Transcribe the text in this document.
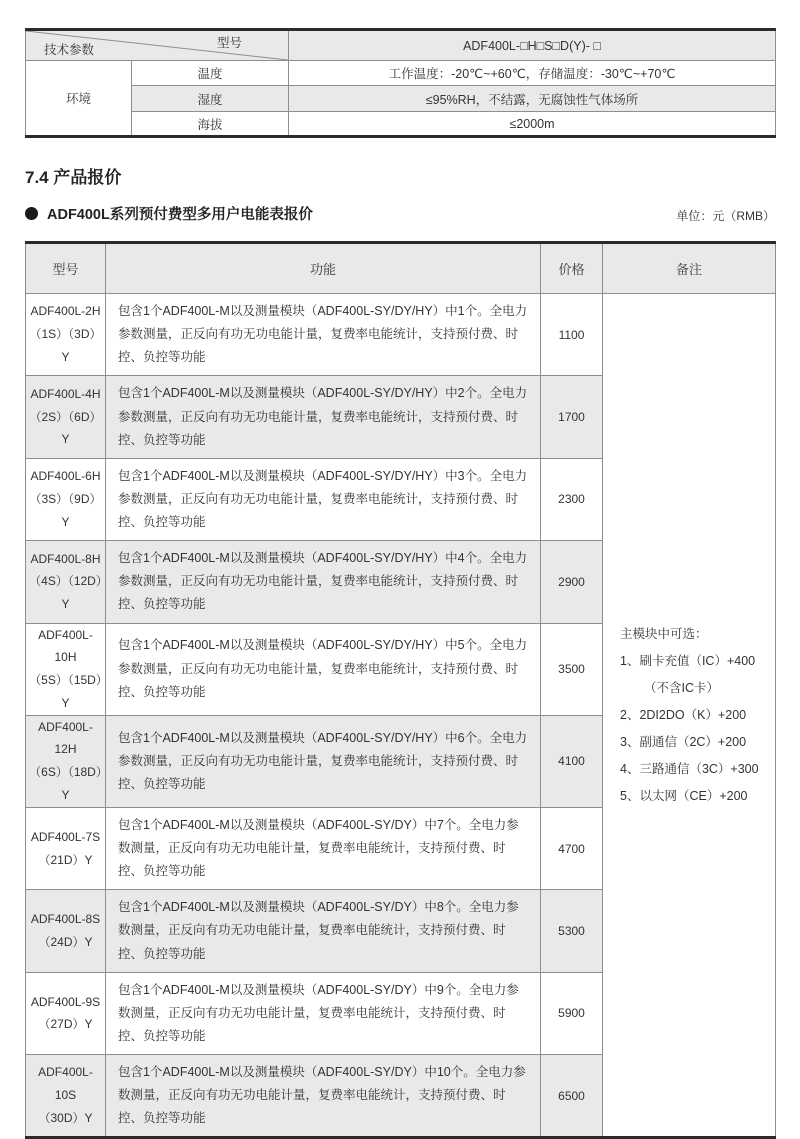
型号
技术参数		ADF400L-□H□S□D(Y)- □
环境	温度	工作温度：-20℃~+60℃，存储温度：-30℃~+70℃
	湿度	≤95%RH，不结露，无腐蚀性气体场所
	海拔	≤2000m
7.4 产品报价
ADF400L系列预付费型多用户电能表报价	单位：元（RMB）
型号	功能	价格	备注

ADF400L-2H
（1S）（3D）Y
	包含1个ADF400L-M以及测量模块（ADF400L-SY/DY/HY）中1个。全电力参数测量，正反向有功无功电能计量，复费率电能统计，支持预付费、时控、负控等功能	1100	
主模块中可选：
1、刷卡充值（IC）+400
（不含IC卡）
2、2DI2DO（K）+200
3、副通信（2C）+200
4、三路通信（3C）+300
5、以太网（CE）+200

ADF400L-4H
（2S）（6D）Y	包含1个ADF400L-M以及测量模块（ADF400L-SY/DY/HY）中2个。全电力参数测量，正反向有功无功电能计量，复费率电能统计，支持预付费、时控、负控等功能	1700	

ADF400L-6H
（3S）（9D）Y	包含1个ADF400L-M以及测量模块（ADF400L-SY/DY/HY）中3个。全电力参数测量，正反向有功无功电能计量，复费率电能统计，支持预付费、时控、负控等功能	2300	

ADF400L-8H
（4S）（12D）Y	包含1个ADF400L-M以及测量模块（ADF400L-SY/DY/HY）中4个。全电力参数测量，正反向有功无功电能计量，复费率电能统计，支持预付费、时控、负控等功能	2900	

ADF400L-10H
（5S）（15D）Y	包含1个ADF400L-M以及测量模块（ADF400L-SY/DY/HY）中5个。全电力参数测量，正反向有功无功电能计量，复费率电能统计，支持预付费、时控、负控等功能	3500	

ADF400L-12H
（6S）（18D）Y	包含1个ADF400L-M以及测量模块（ADF400L-SY/DY/HY）中6个。全电力参数测量，正反向有功无功电能计量，复费率电能统计，支持预付费、时控、负控等功能	4100	

ADF400L-7S
（21D）Y	包含1个ADF400L-M以及测量模块（ADF400L-SY/DY）中7个。全电力参数测量，正反向有功无功电能计量，复费率电能统计，支持预付费、时控、负控等功能	4700	

ADF400L-8S
（24D）Y	包含1个ADF400L-M以及测量模块（ADF400L-SY/DY）中8个。全电力参数测量，正反向有功无功电能计量，复费率电能统计，支持预付费、时控、负控等功能	5300	

ADF400L-9S
（27D）Y	包含1个ADF400L-M以及测量模块（ADF400L-SY/DY）中9个。全电力参数测量，正反向有功无功电能计量，复费率电能统计，支持预付费、时控、负控等功能	5900	

ADF400L-10S
（30D）Y	包含1个ADF400L-M以及测量模块（ADF400L-SY/DY）中10个。全电力参数测量，正反向有功无功电能计量，复费率电能统计，支持预付费、时控、负控等功能	6500	
